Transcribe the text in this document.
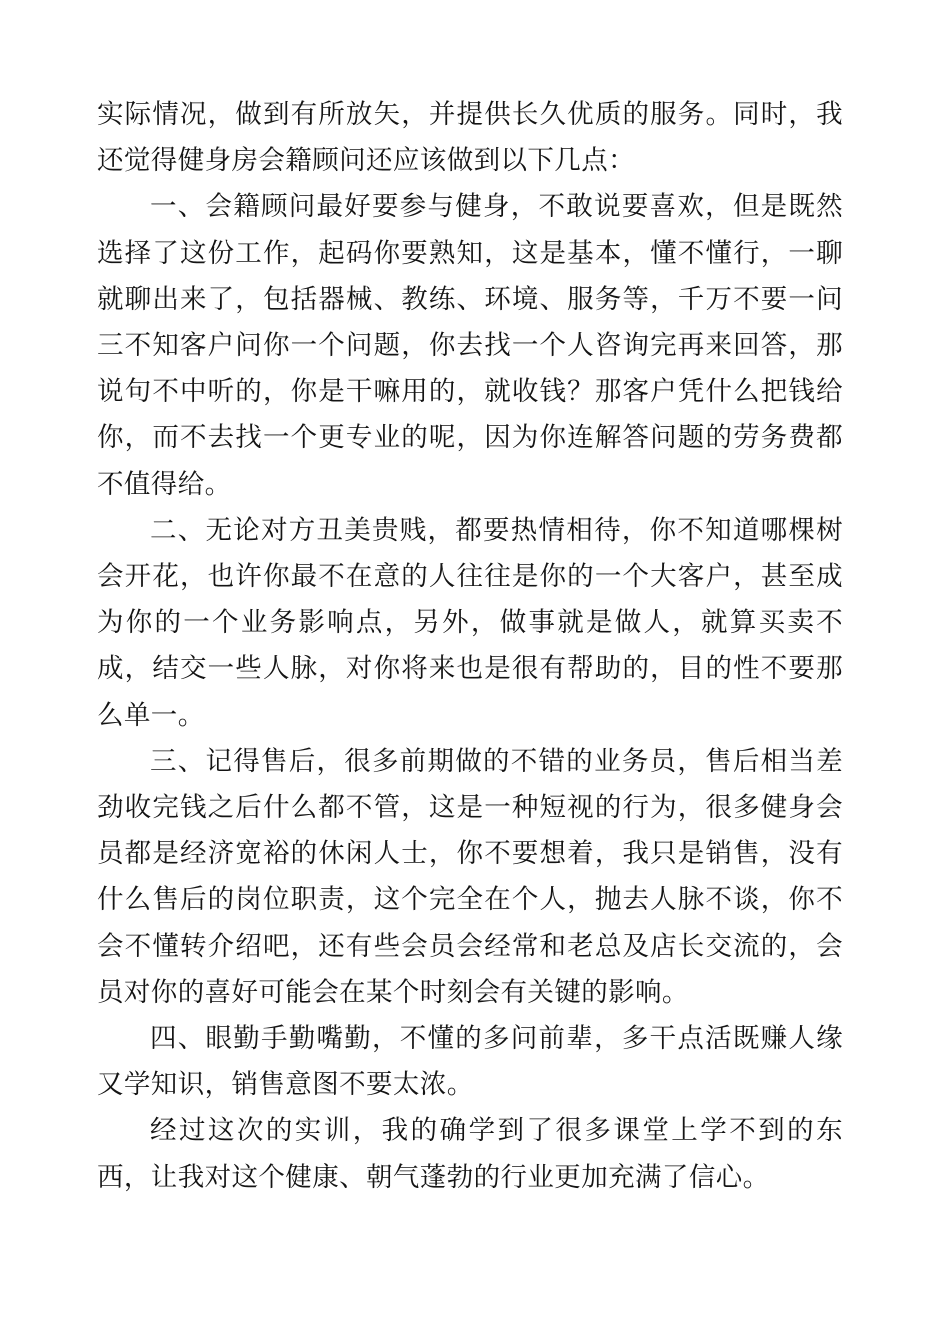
实际情况，做到有所放矢，并提供长久优质的服务。同时，我还觉得健身房会籍顾问还应该做到以下几点：

一、会籍顾问最好要参与健身，不敢说要喜欢，但是既然选择了这份工作，起码你要熟知，这是基本，懂不懂行，一聊就聊出来了，包括器械、教练、环境、服务等，千万不要一问三不知客户问你一个问题，你去找一个人咨询完再来回答，那说句不中听的，你是干嘛用的，就收钱？那客户凭什么把钱给你，而不去找一个更专业的呢，因为你连解答问题的劳务费都不值得给。

二、无论对方丑美贵贱，都要热情相待，你不知道哪棵树会开花，也许你最不在意的人往往是你的一个大客户，甚至成为你的一个业务影响点，另外，做事就是做人，就算买卖不成，结交一些人脉，对你将来也是很有帮助的，目的性不要那么单一。

三、记得售后，很多前期做的不错的业务员，售后相当差劲收完钱之后什么都不管，这是一种短视的行为，很多健身会员都是经济宽裕的休闲人士，你不要想着，我只是销售，没有什么售后的岗位职责，这个完全在个人，抛去人脉不谈，你不会不懂转介绍吧，还有些会员会经常和老总及店长交流的，会员对你的喜好可能会在某个时刻会有关键的影响。

四、眼勤手勤嘴勤，不懂的多问前辈，多干点活既赚人缘又学知识，销售意图不要太浓。

经过这次的实训，我的确学到了很多课堂上学不到的东西，让我对这个健康、朝气蓬勃的行业更加充满了信心。
